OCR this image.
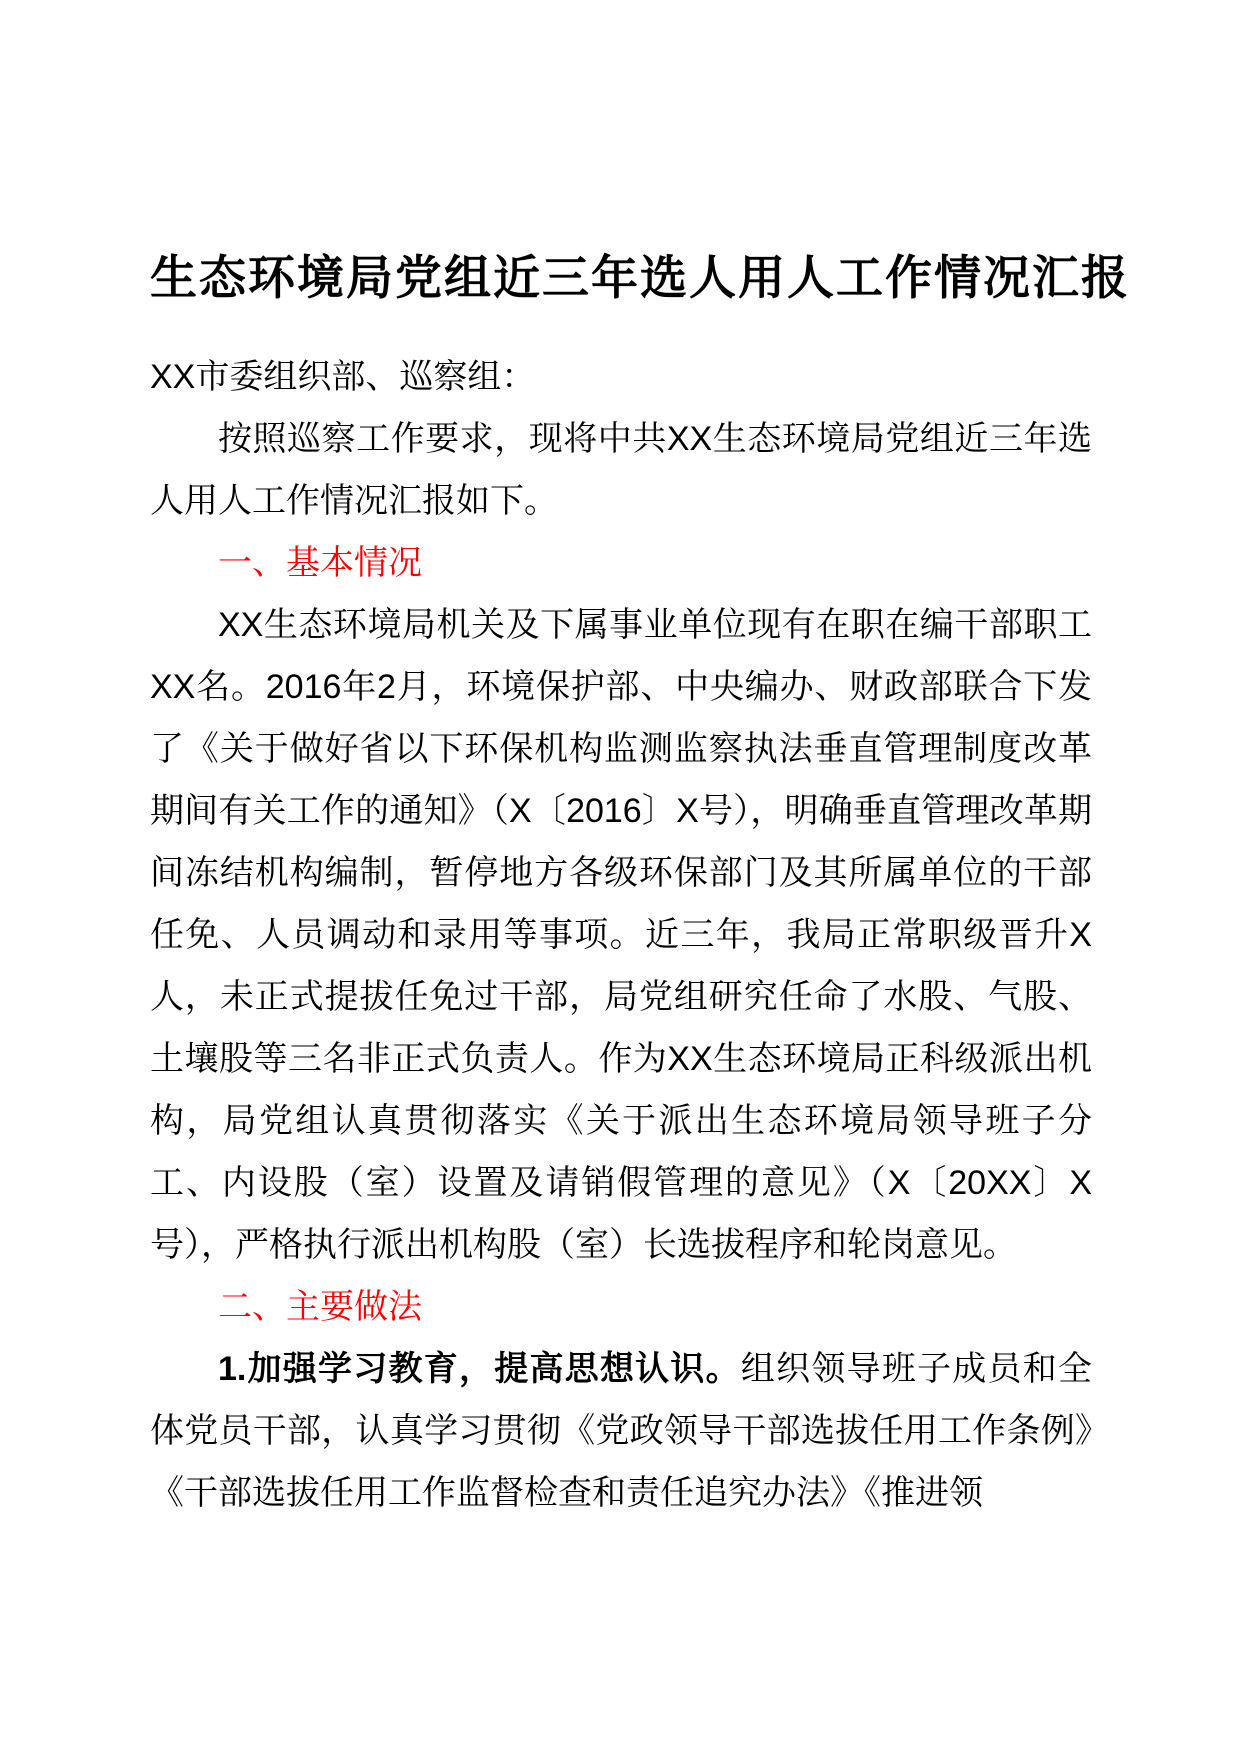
生态环境局党组近三年选人用人工作情况汇报

XX市委组织部、巡察组：

按照巡察工作要求，现将中共XX生态环境局党组近三年选人用人工作情况汇报如下。

一、基本情况

XX生态环境局机关及下属事业单位现有在职在编干部职工XX名。2016年2月，环境保护部、中央编办、财政部联合下发了《关于做好省以下环保机构监测监察执法垂直管理制度改革期间有关工作的通知》（X〔2016〕X号），明确垂直管理改革期间冻结机构编制，暂停地方各级环保部门及其所属单位的干部任免、人员调动和录用等事项。近三年，我局正常职级晋升X人，未正式提拔任免过干部，局党组研究任命了水股、气股、土壤股等三名非正式负责人。作为XX生态环境局正科级派出机构，局党组认真贯彻落实《关于派出生态环境局领导班子分工、内设股（室）设置及请销假管理的意见》（X〔20XX〕X号），严格执行派出机构股（室）长选拔程序和轮岗意见。

二、主要做法

1.加强学习教育，提高思想认识。组织领导班子成员和全体党员干部，认真学习贯彻《党政领导干部选拔任用工作条例》《干部选拔任用工作监督检查和责任追究办法》《推进领
